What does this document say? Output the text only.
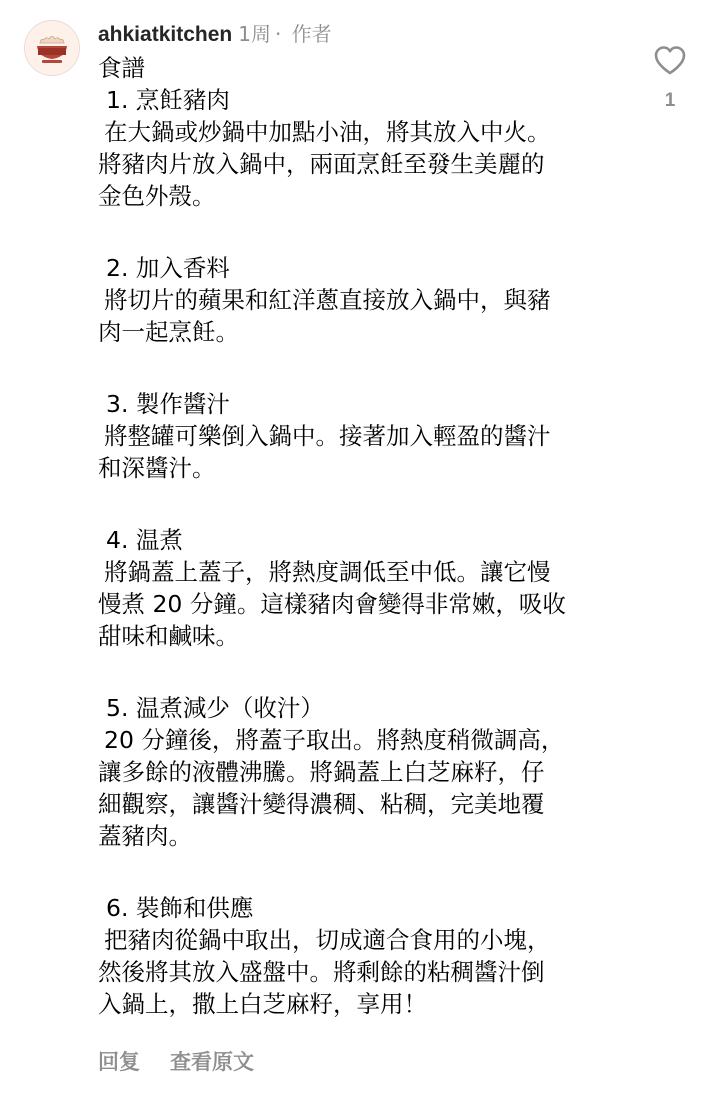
ahkiatkitchen 1周 · 作者
1
食譜
1. 烹飪豬肉
在大鍋或炒鍋中加點小油，將其放入中火。
將豬肉片放入鍋中，兩面烹飪至發生美麗的
金色外殼。
2. 加入香料
將切片的蘋果和紅洋蔥直接放入鍋中，與豬
肉一起烹飪。
3. 製作醬汁
將整罐可樂倒入鍋中。接著加入輕盈的醬汁
和深醬汁。
4. 温煮
將鍋蓋上蓋子，將熱度調低至中低。讓它慢
慢煮 20 分鐘。這樣豬肉會變得非常嫩，吸收
甜味和鹹味。
5. 温煮減少（收汁）
20 分鐘後，將蓋子取出。將熱度稍微調高，
讓多餘的液體沸騰。將鍋蓋上白芝麻籽，仔
細觀察，讓醬汁變得濃稠、粘稠，完美地覆
蓋豬肉。
6. 裝飾和供應
把豬肉從鍋中取出，切成適合食用的小塊，
然後將其放入盛盤中。將剩餘的粘稠醬汁倒
入鍋上，撒上白芝麻籽，享用！
回复 查看原文
